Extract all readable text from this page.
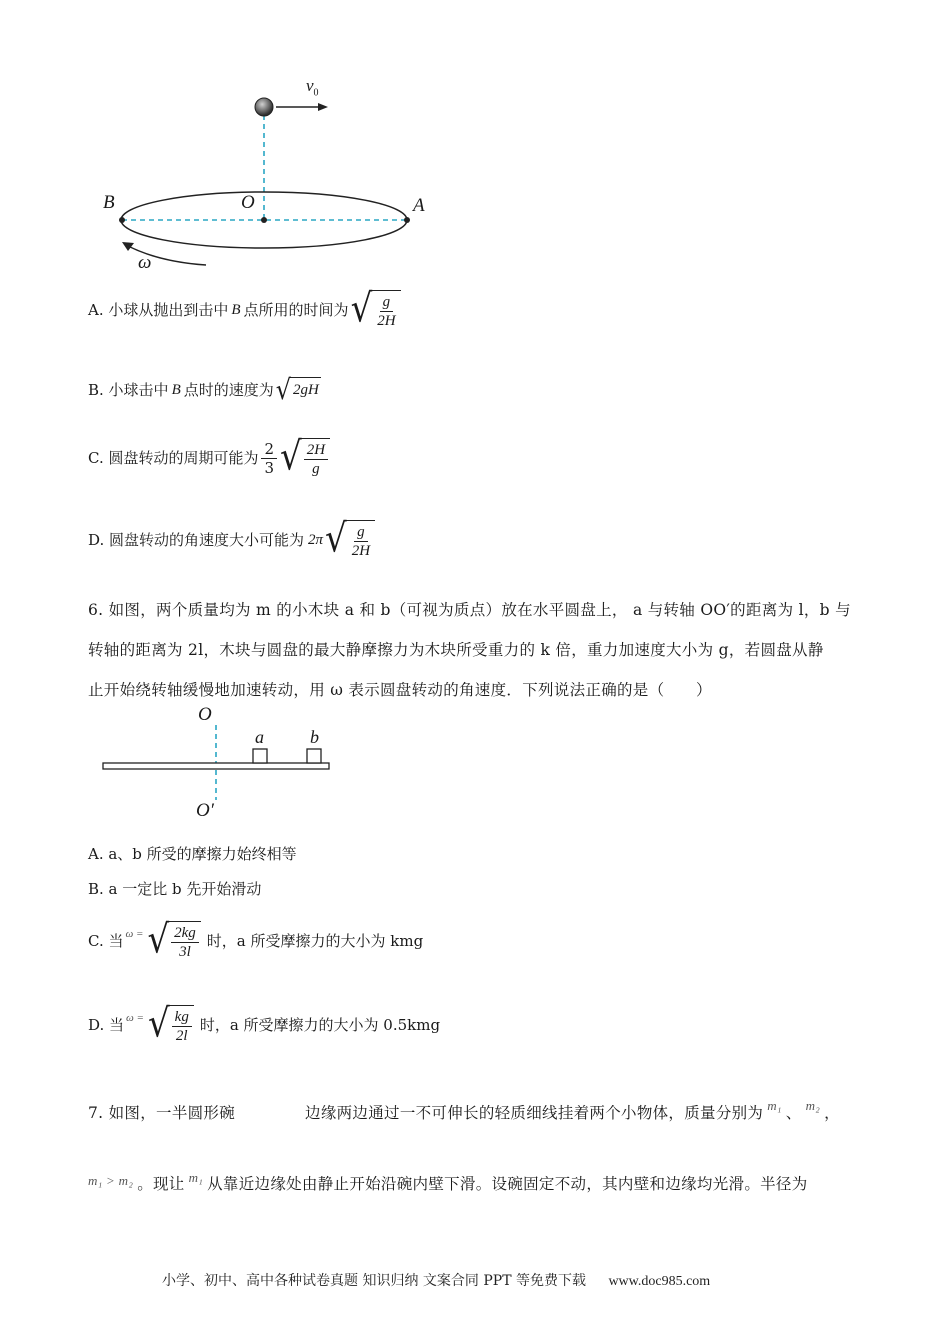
$v_0$
B	O	A
ω
A. 小球从抛出到击中 B 点所用的时间为 √ $\frac{g}{2H}$
B. 小球击中 B 点时的速度为 √ 2gH
C. 圆盘转动的周期可能为 $\frac{2}{3}$ √ $\frac{2H}{g}$
D. 圆盘转动的角速度大小可能为 2π √ $\frac{g}{2H}$
6. 如图，两个质量均为 m 的小木块 a 和 b（可视为质点）放在水平圆盘上， a 与转轴 OO′的距离为 l，b 与
转轴的距离为 2l，木块与圆盘的最大静摩擦力为木块所受重力的 k 倍，重力加速度大小为 g，若圆盘从静
止开始绕转轴缓慢地加速转动，用 ω 表示圆盘转动的角速度．下列说法正确的是（　　）
O
O′
a	b
A. a、b 所受的摩擦力始终相等
B. a 一定比 b 先开始滑动
C. 当 ω = √ $\frac{2kg}{3l}$ 时，a 所受摩擦力的大小为 kmg
D. 当 ω = √ $\frac{kg}{2l}$ 时，a 所受摩擦力的大小为 0.5kmg
7. 如图，一半圆形碗	边缘两边通过一不可伸长的轻质细线挂着两个小物体，质量分别为 m₁ 、 m₂ ，
m₁ > m₂ 。现让 m₁ 从靠近边缘处由静止开始沿碗内壁下滑。设碗固定不动，其内壁和边缘均光滑。半径为
小学、初中、高中各种试卷真题 知识归纳 文案合同 PPT 等免费下载 www.doc985.com
